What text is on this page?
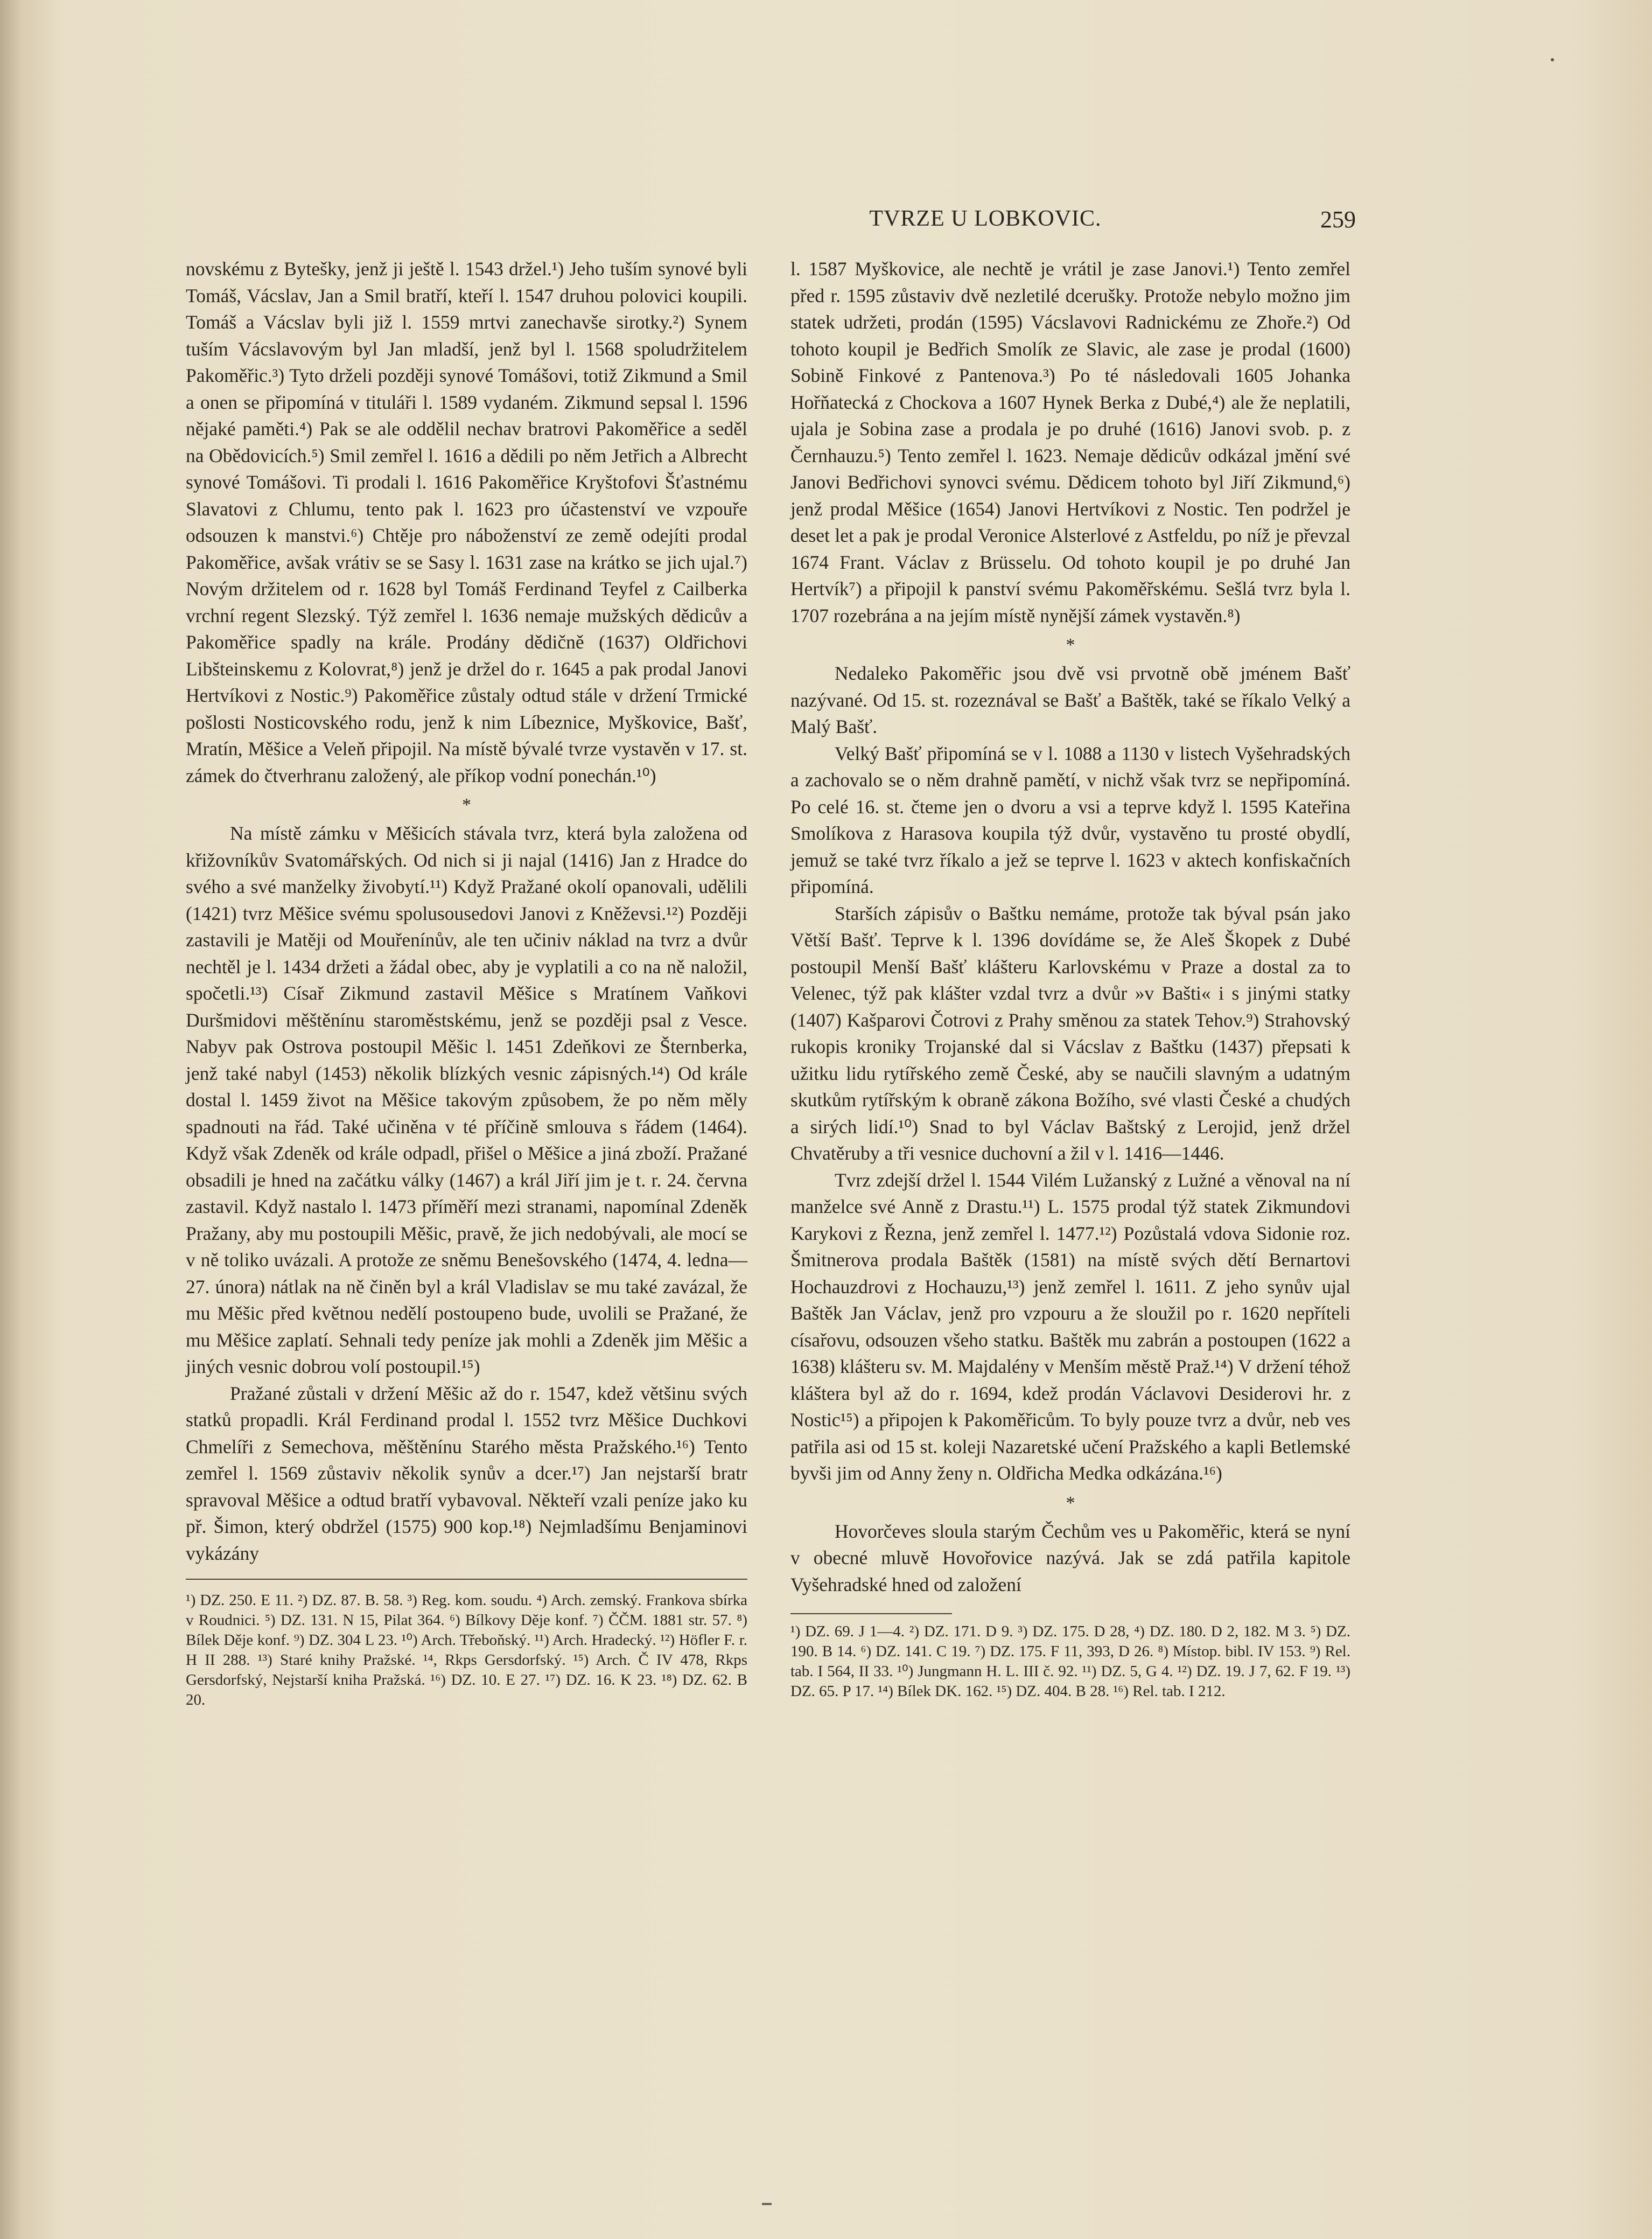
TVRZE U LOBKOVIC.	259

novskému z Bytešky, jenž ji ještě l. 1543 držel.¹) Jeho tuším synové byli Tomáš, Vácslav, Jan a Smil bratří, kteří l. 1547 druhou polovici koupili. Tomáš a Vácslav byli již l. 1559 mrtvi zanechavše sirotky.²) Synem tuším Vácslavovým byl Jan mladší, jenž byl l. 1568 spoludržitelem Pakoměřic.³) Tyto drželi později synové Tomášovi, totiž Zikmund a Smil a onen se připomíná v tituláři l. 1589 vydaném. Zikmund sepsal l. 1596 nějaké paměti.⁴) Pak se ale oddělil nechav bratrovi Pakoměřice a seděl na Obědovicích.⁵) Smil zemřel l. 1616 a dědili po něm Jetřich a Albrecht synové Tomášovi. Ti prodali l. 1616 Pakoměřice Kryštofovi Šťastnému Slavatovi z Chlumu, tento pak l. 1623 pro účastenství ve vzpouře odsouzen k manstvi.⁶) Chtěje pro náboženství ze země odejíti prodal Pakoměřice, avšak vrátiv se se Sasy l. 1631 zase na krátko se jich ujal.⁷) Novým držitelem od r. 1628 byl Tomáš Ferdinand Teyfel z Cailberka vrchní regent Slezský. Týž zemřel l. 1636 nemaje mužských dědicův a Pakoměřice spadly na krále. Prodány dědičně (1637) Oldřichovi Libšteinskemu z Kolovrat,⁸) jenž je držel do r. 1645 a pak prodal Janovi Hertvíkovi z Nostic.⁹) Pakoměřice zůstaly odtud stále v držení Trmické pošlosti Nosticovského rodu, jenž k nim Líbeznice, Myškovice, Bašť, Mratín, Měšice a Veleň připojil. Na místě bývalé tvrze vystavěn v 17. st. zámek do čtverhranu založený, ale příkop vodní ponechán.¹⁰)

*

Na místě zámku v Měšicích stávala tvrz, která byla založena od křižovníkův Svatomářských. Od nich si ji najal (1416) Jan z Hradce do svého a své manželky živobytí.¹¹) Když Pražané okolí opanovali, udělili (1421) tvrz Měšice svému spolusousedovi Janovi z Kněževsi.¹²) Později zastavili je Matěji od Mouřenínův, ale ten učiniv náklad na tvrz a dvůr nechtěl je l. 1434 držeti a žádal obec, aby je vyplatili a co na ně naložil, spočetli.¹³) Císař Zikmund zastavil Měšice s Mratínem Vaňkovi Duršmidovi měštěnínu staroměstskému, jenž se později psal z Vesce. Nabyv pak Ostrova postoupil Měšic l. 1451 Zdeňkovi ze Šternberka, jenž také nabyl (1453) několik blízkých vesnic zápisných.¹⁴) Od krále dostal l. 1459 život na Měšice takovým způsobem, že po něm měly spadnouti na řád. Také učiněna v té příčině smlouva s řádem (1464). Když však Zdeněk od krále odpadl, přišel o Měšice a jiná zboží. Pražané obsadili je hned na začátku války (1467) a král Jiří jim je t. r. 24. června zastavil. Když nastalo l. 1473 příměří mezi stranami, napomínal Zdeněk Pražany, aby mu postoupili Měšic, pravě, že jich nedobývali, ale mocí se v ně toliko uvázali. A protože ze sněmu Benešovského (1474, 4. ledna—27. února) nátlak na ně činěn byl a král Vladislav se mu také zavázal, že mu Měšic před květnou nedělí postoupeno bude, uvolili se Pražané, že mu Měšice zaplatí. Sehnali tedy peníze jak mohli a Zdeněk jim Měšic a jiných vesnic dobrou volí postoupil.¹⁵)

Pražané zůstali v držení Měšic až do r. 1547, kdež většinu svých statků propadli. Král Ferdinand prodal l. 1552 tvrz Měšice Duchkovi Chmelíři z Semechova, měštěnínu Starého města Pražského.¹⁶) Tento zemřel l. 1569 zůstaviv několik synův a dcer.¹⁷) Jan nejstarší bratr spravoval Měšice a odtud bratří vybavoval. Někteří vzali peníze jako ku př. Šimon, který obdržel (1575) 900 kop.¹⁸) Nejmladšímu Benjaminovi vykázány

¹) DZ. 250. E 11. ²) DZ. 87. B. 58. ³) Reg. kom. soudu. ⁴) Arch. zemský. Frankova sbírka v Roudnici. ⁵) DZ. 131. N 15, Pilat 364. ⁶) Bílkovy Děje konf. ⁷) ČČM. 1881 str. 57. ⁸) Bílek Děje konf. ⁹) DZ. 304 L 23. ¹⁰) Arch. Třeboňský. ¹¹) Arch. Hradecký. ¹²) Höfler F. r. H II 288. ¹³) Staré knihy Pražské. ¹⁴, Rkps Gersdorfský. ¹⁵) Arch. Č IV 478, Rkps Gersdorfský, Nejstarší kniha Pražská. ¹⁶) DZ. 10. E 27. ¹⁷) DZ. 16. K 23. ¹⁸) DZ. 62. B 20.

l. 1587 Myškovice, ale nechtě je vrátil je zase Janovi.¹) Tento zemřel před r. 1595 zůstaviv dvě nezletilé dcerušky. Protože nebylo možno jim statek udržeti, prodán (1595) Vácslavovi Radnickému ze Zhoře.²) Od tohoto koupil je Bedřich Smolík ze Slavic, ale zase je prodal (1600) Sobině Finkové z Pantenova.³) Po té následovali 1605 Johanka Hořňatecká z Chockova a 1607 Hynek Berka z Dubé,⁴) ale že neplatili, ujala je Sobina zase a prodala je po druhé (1616) Janovi svob. p. z Černhauzu.⁵) Tento zemřel l. 1623. Nemaje dědicův odkázal jmění své Janovi Bedřichovi synovci svému. Dědicem tohoto byl Jiří Zikmund,⁶) jenž prodal Měšice (1654) Janovi Hertvíkovi z Nostic. Ten podržel je deset let a pak je prodal Veronice Alsterlové z Astfeldu, po níž je převzal 1674 Frant. Václav z Brüsselu. Od tohoto koupil je po druhé Jan Hertvík⁷) a připojil k panství svému Pakoměřskému. Sešlá tvrz byla l. 1707 rozebrána a na jejím místě nynější zámek vystavěn.⁸)

*

Nedaleko Pakoměřic jsou dvě vsi prvotně obě jménem Bašť nazývané. Od 15. st. rozeznával se Bašť a Baštěk, také se říkalo Velký a Malý Bašť.

Velký Bašť připomíná se v l. 1088 a 1130 v listech Vyšehradských a zachovalo se o něm drahně pamětí, v nichž však tvrz se nepřipomíná. Po celé 16. st. čteme jen o dvoru a vsi a teprve když l. 1595 Kateřina Smolíkova z Harasova koupila týž dvůr, vystavěno tu prosté obydlí, jemuž se také tvrz říkalo a jež se teprve l. 1623 v aktech konfiskačních připomíná.

Starších zápisův o Baštku nemáme, protože tak býval psán jako Větší Bašť. Teprve k l. 1396 dovídáme se, že Aleš Škopek z Dubé postoupil Menší Bašť klášteru Karlovskému v Praze a dostal za to Velenec, týž pak klášter vzdal tvrz a dvůr »v Bašti« i s jinými statky (1407) Kašparovi Čotrovi z Prahy směnou za statek Tehov.⁹) Strahovský rukopis kroniky Trojanské dal si Vácslav z Baštku (1437) přepsati k užitku lidu rytířského země České, aby se naučili slavným a udatným skutkům rytířským k obraně zákona Božího, své vlasti České a chudých a sirých lidí.¹⁰) Snad to byl Václav Baštský z Lerojid, jenž držel Chvatěruby a tři vesnice duchovní a žil v l. 1416—1446.

Tvrz zdejší držel l. 1544 Vilém Lužanský z Lužné a věnoval na ní manželce své Anně z Drastu.¹¹) L. 1575 prodal týž statek Zikmundovi Karykovi z Řezna, jenž zemřel l. 1477.¹²) Pozůstalá vdova Sidonie roz. Šmitnerova prodala Baštěk (1581) na místě svých dětí Bernartovi Hochauzdrovi z Hochauzu,¹³) jenž zemřel l. 1611. Z jeho synův ujal Baštěk Jan Václav, jenž pro vzpouru a že sloužil po r. 1620 nepříteli císařovu, odsouzen všeho statku. Baštěk mu zabrán a postoupen (1622 a 1638) klášteru sv. M. Majdalény v Menším městě Praž.¹⁴) V držení téhož kláštera byl až do r. 1694, kdež prodán Václavovi Desiderovi hr. z Nostic¹⁵) a připojen k Pakoměřicům. To byly pouze tvrz a dvůr, neb ves patřila asi od 15 st. koleji Nazaretské učení Pražského a kapli Betlemské byvši jim od Anny ženy n. Oldřicha Medka odkázána.¹⁶)

*

Hovorčeves sloula starým Čechům ves u Pakoměřic, která se nyní v obecné mluvě Hovořovice nazývá. Jak se zdá patřila kapitole Vyšehradské hned od založení

¹) DZ. 69. J 1—4. ²) DZ. 171. D 9. ³) DZ. 175. D 28, ⁴) DZ. 180. D 2, 182. M 3. ⁵) DZ. 190. B 14. ⁶) DZ. 141. C 19. ⁷) DZ. 175. F 11, 393, D 26. ⁸) Místop. bibl. IV 153. ⁹) Rel. tab. I 564, II 33. ¹⁰) Jungmann H. L. III č. 92. ¹¹) DZ. 5, G 4. ¹²) DZ. 19. J 7, 62. F 19. ¹³) DZ. 65. P 17. ¹⁴) Bílek DK. 162. ¹⁵) DZ. 404. B 28. ¹⁶) Rel. tab. I 212.
